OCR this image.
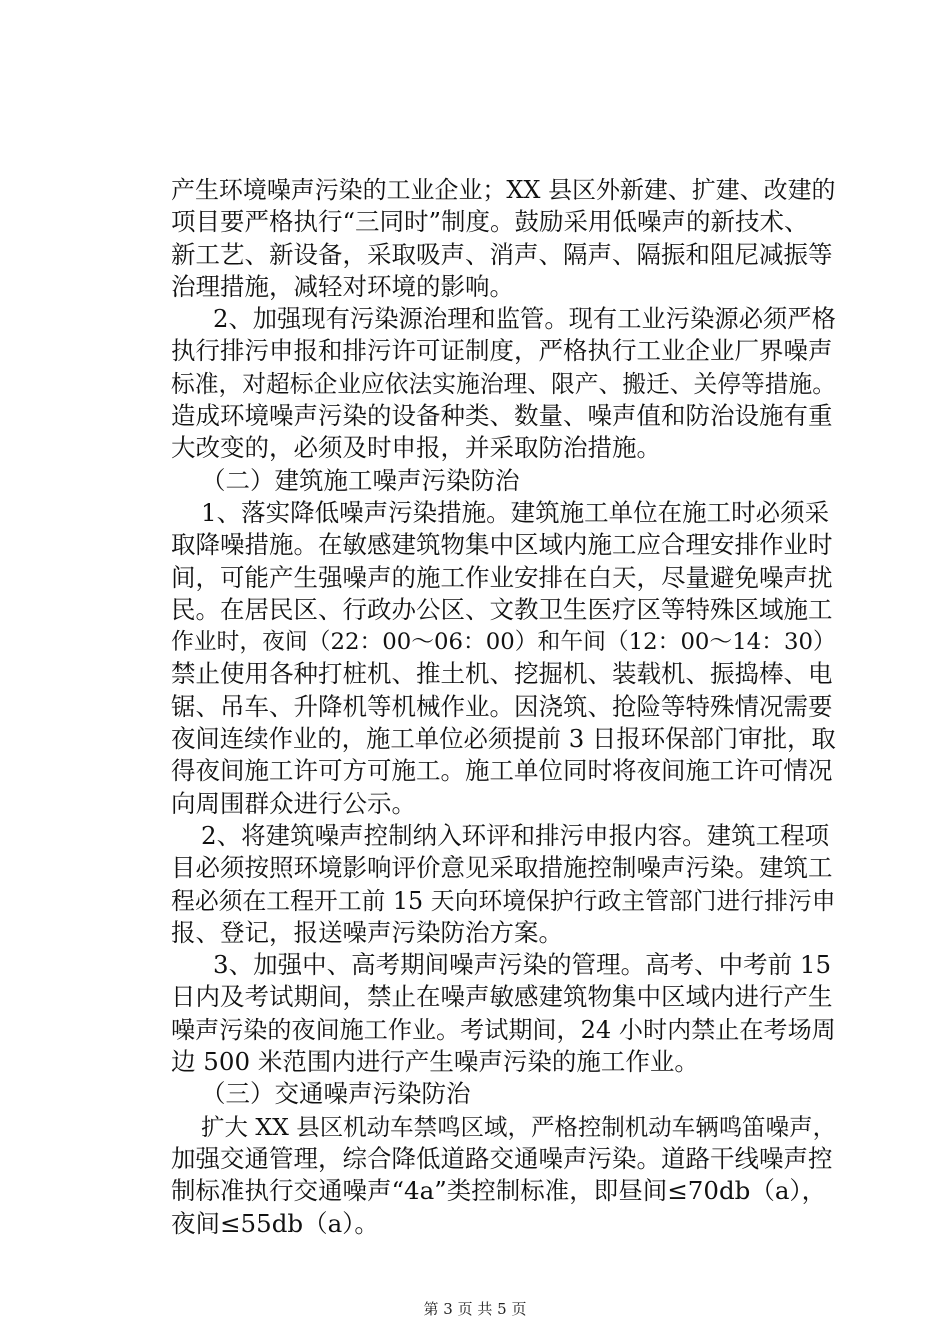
产生环境噪声污染的工业企业；XX 县区外新建、扩建、改建的
项目要严格执行“三同时”制度。鼓励采用低噪声的新技术、
新工艺、新设备，采取吸声、消声、隔声、隔振和阻尼减振等
治理措施，减轻对环境的影响。
2、加强现有污染源治理和监管。现有工业污染源必须严格
执行排污申报和排污许可证制度，严格执行工业企业厂界噪声
标准，对超标企业应依法实施治理、限产、搬迁、关停等措施。
造成环境噪声污染的设备种类、数量、噪声值和防治设施有重
大改变的，必须及时申报，并采取防治措施。
（二）建筑施工噪声污染防治
1、落实降低噪声污染措施。建筑施工单位在施工时必须采
取降噪措施。在敏感建筑物集中区域内施工应合理安排作业时
间，可能产生强噪声的施工作业安排在白天，尽量避免噪声扰
民。在居民区、行政办公区、文教卫生医疗区等特殊区域施工
作业时，夜间（22：00～06：00）和午间（12：00～14：30）
禁止使用各种打桩机、推土机、挖掘机、装载机、振捣棒、电
锯、吊车、升降机等机械作业。因浇筑、抢险等特殊情况需要
夜间连续作业的，施工单位必须提前 3 日报环保部门审批，取
得夜间施工许可方可施工。施工单位同时将夜间施工许可情况
向周围群众进行公示。
2、将建筑噪声控制纳入环评和排污申报内容。建筑工程项
目必须按照环境影响评价意见采取措施控制噪声污染。建筑工
程必须在工程开工前 15 天向环境保护行政主管部门进行排污申
报、登记，报送噪声污染防治方案。
3、加强中、高考期间噪声污染的管理。高考、中考前 15
日内及考试期间，禁止在噪声敏感建筑物集中区域内进行产生
噪声污染的夜间施工作业。考试期间，24 小时内禁止在考场周
边 500 米范围内进行产生噪声污染的施工作业。
（三）交通噪声污染防治
扩大 XX 县区机动车禁鸣区域，严格控制机动车辆鸣笛噪声，
加强交通管理，综合降低道路交通噪声污染。道路干线噪声控
制标准执行交通噪声“4a”类控制标准，即昼间≤70db（a），
夜间≤55db（a）。
第 3 页 共 5 页
